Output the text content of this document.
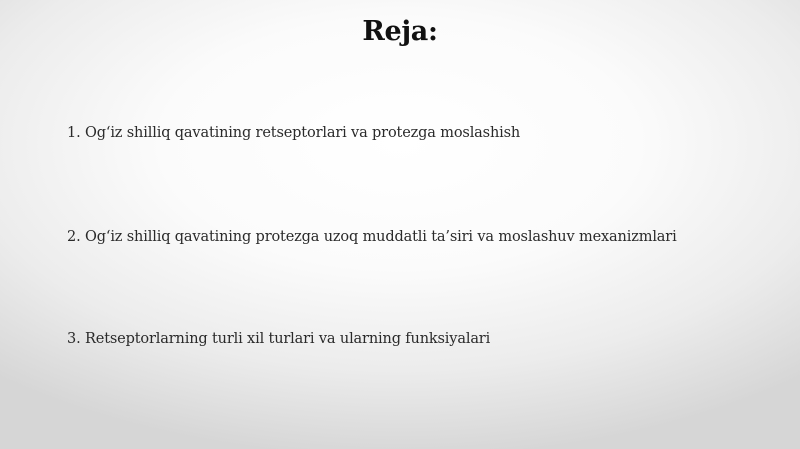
Reja:
1. Og‘iz shilliq qavatining retseptorlari va protezga moslashish
2. Og‘iz shilliq qavatining protezga uzoq muddatli ta’siri va moslashuv mexanizmlari
3. Retseptorlarning turli xil turlari va ularning funksiyalari
